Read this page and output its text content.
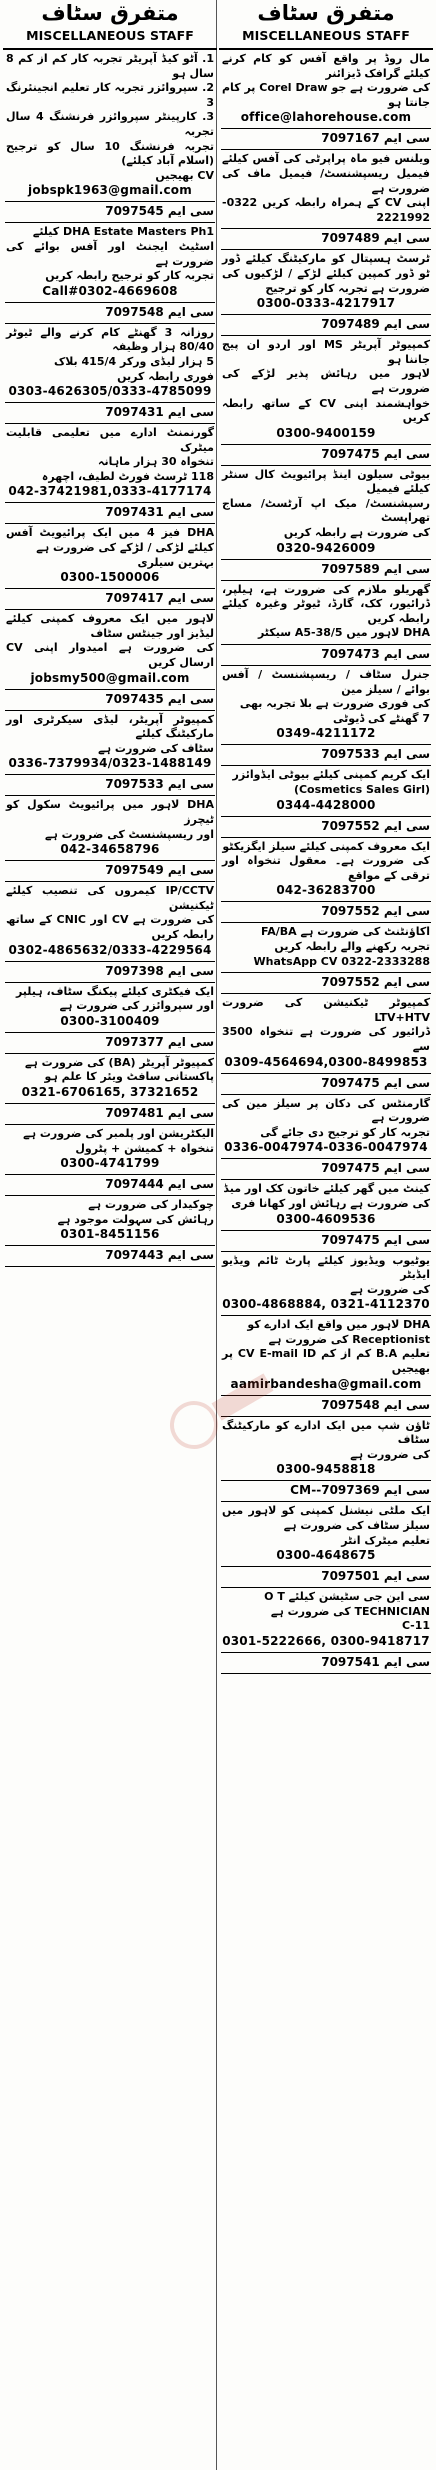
متفرق سٹاف
MISCELLANEOUS STAFF
مال روڈ پر واقع آفس کو کام کرنے کیلئے گرافک ڈیزائنر
کی ضرورت ہے جو Corel Draw پر کام جانتا ہو
office@lahorehouse.com
سی ایم 7097167
ویلنس فیو ماہ پراپرٹی کی آفس کیلئے فیمیل ریسپشنسٹ/ فیمیل ماف کی ضرورت ہے
اپنی CV کے ہمراہ رابطہ کریں 0322-2221992
سی ایم 7097489
ٹرسٹ ہسپتال کو مارکیٹنگ کیلئے ڈور ٹو ڈور کمپین کیلئے لڑکے / لڑکیوں کی ضرورت ہے تجربہ کار کو ترجیح
0300-0333-4217917
سی ایم 7097489
کمپیوٹر آپریٹر MS اور اردو ان پیج جاننا ہو
لاہور میں رہائش پذیر لڑکے کی ضرورت ہے
خواہشمند اپنی CV کے ساتھ رابطہ کریں
0300-9400159
سی ایم 7097475
بیوٹی سیلون اینڈ پرائیویٹ کال سنٹر کیلئے فیمیل
رسپشنسٹ/ میک اپ آرٹسٹ/ مساج تھراپسٹ
کی ضرورت ہے رابطہ کریں
0320-9426009
سی ایم 7097589
گھریلو ملازم کی ضرورت ہے، ہیلپر، ڈرائیور، کک، گارڈ، ٹیوٹر وغیرہ کیلئے رابطہ کریں
DHA لاہور میں 5/A5-38 سیکٹر
سی ایم 7097473
جنرل سٹاف / ریسپشنسٹ / آفس بوائے / سیلز مین
کی فوری ضرورت ہے بلا تجربہ بھی
7 گھنٹے کی ڈیوٹی
0349-4211172
سی ایم 7097533
ایک کریم کمپنی کیلئے بیوٹی ایڈوائزر
(Cosmetics Sales Girl)
0344-4428000
سی ایم 7097552
ایک معروف کمپنی کیلئے سیلز ایگزیکٹو
کی ضرورت ہے۔ معقول تنخواہ اور ترقی کے مواقع
042-36283700
سی ایم 7097552
اکاؤنٹنٹ کی ضرورت ہے FA/BA
تجربہ رکھنے والے رابطہ کریں
0322-2333288 WhatsApp CV
سی ایم 7097552
کمپیوٹر ٹیکنیشن کی ضرورت LTV+HTV
ڈرائیور کی ضرورت ہے تنخواہ 3500 سے
0309-4564694,0300-8499853
سی ایم 7097475
گارمنٹس کی دکان پر سیلز مین کی ضرورت ہے
تجربہ کار کو ترجیح دی جائے گی
0336-0047974-0336-0047974
سی ایم 7097475
کینٹ میں گھر کیلئے خاتون کک اور میڈ
کی ضرورت ہے رہائش اور کھانا فری
0300-4609536
سی ایم 7097475
یوٹیوب ویڈیوز کیلئے پارٹ ٹائم ویڈیو ایڈیٹر
کی ضرورت ہے
0300-4868884, 0321-4112370
DHA لاہور میں واقع ایک ادارے کو
Receptionist کی ضرورت ہے
تعلیم B.A کم از کم CV E-mail ID پر بھیجیں
aamirbandesha@gmail.com
سی ایم 7097548
ٹاؤن شپ میں ایک ادارے کو مارکیٹنگ سٹاف
کی ضرورت ہے
0300-9458818
سی ایم 7097369--CM
ایک ملٹی نیشنل کمپنی کو لاہور میں سیلز سٹاف کی ضرورت ہے
تعلیم میٹرک انٹر
0300-4648675
سی ایم 7097501
سی این جی سٹیشن کیلئے O T
TECHNICIAN کی ضرورت ہے
11-C
0301-5222666, 0300-9418717
سی ایم 7097541
متفرق سٹاف
MISCELLANEOUS STAFF
1. آٹو کیڈ آپریٹر تجربہ کار کم از کم 8 سال ہو
2. سپروائزر تجربہ کار تعلیم انجینئرنگ 3
3. کارپینٹر سپروائزر فرنشنگ 4 سال تجربہ
تجربہ فرنشنگ 10 سال کو ترجیح (اسلام آباد کیلئے)
CV بھیجیں
jobspk1963@gmail.com
سی ایم 7097545
DHA Estate Masters Ph1 کیلئے
اسٹیٹ ایجنٹ اور آفس بوائے کی ضرورت ہے
تجربہ کار کو ترجیح رابطہ کریں
Call#0302-4669608
سی ایم 7097548
روزانہ 3 گھنٹے کام کرنے والے ٹیوٹر 80/40 ہزار وظیفہ
5 ہزار لیڈی ورکر 415/4 بلاک
فوری رابطہ کریں
0303-4626305/0333-4785099
سی ایم 7097431
گورنمنٹ ادارے میں تعلیمی قابلیت میٹرک
تنخواہ 30 ہزار ماہانہ
118 ٹرسٹ فورٹ لطیف، اچھرہ
042-37421981,0333-4177174
سی ایم 7097431
DHA فیز 4 میں ایک پرائیویٹ آفس کیلئے لڑکی / لڑکے کی ضرورت ہے
بہترین سیلری
0300-1500006
سی ایم 7097417
لاہور میں ایک معروف کمپنی کیلئے لیڈیز اور جینٹس سٹاف
کی ضرورت ہے امیدوار اپنی CV ارسال کریں
jobsmy500@gmail.com
سی ایم 7097435
کمپیوٹر آپریٹر، لیڈی سیکرٹری اور مارکیٹنگ کیلئے
سٹاف کی ضرورت ہے
0336-7379934/0323-1488149
سی ایم 7097533
DHA لاہور میں پرائیویٹ سکول کو ٹیچرز
اور ریسپشنسٹ کی ضرورت ہے
042-34658796
سی ایم 7097549
IP/CCTV کیمروں کی تنصیب کیلئے ٹیکنیشن
کی ضرورت ہے CV اور CNIC کے ساتھ رابطہ کریں
0302-4865632/0333-4229564
سی ایم 7097398
ایک فیکٹری کیلئے پیکنگ سٹاف، ہیلپر
اور سپروائزر کی ضرورت ہے
0300-3100409
سی ایم 7097377
کمپیوٹر آپریٹر (BA) کی ضرورت ہے
پاکستانی سافٹ ویئر کا علم ہو
0321-6706165, 37321652
سی ایم 7097481
الیکٹریشن اور پلمبر کی ضرورت ہے
تنخواہ + کمیشن + پٹرول
0300-4741799
سی ایم 7097444
چوکیدار کی ضرورت ہے
رہائش کی سہولت موجود ہے
0301-8451156
سی ایم 7097443
